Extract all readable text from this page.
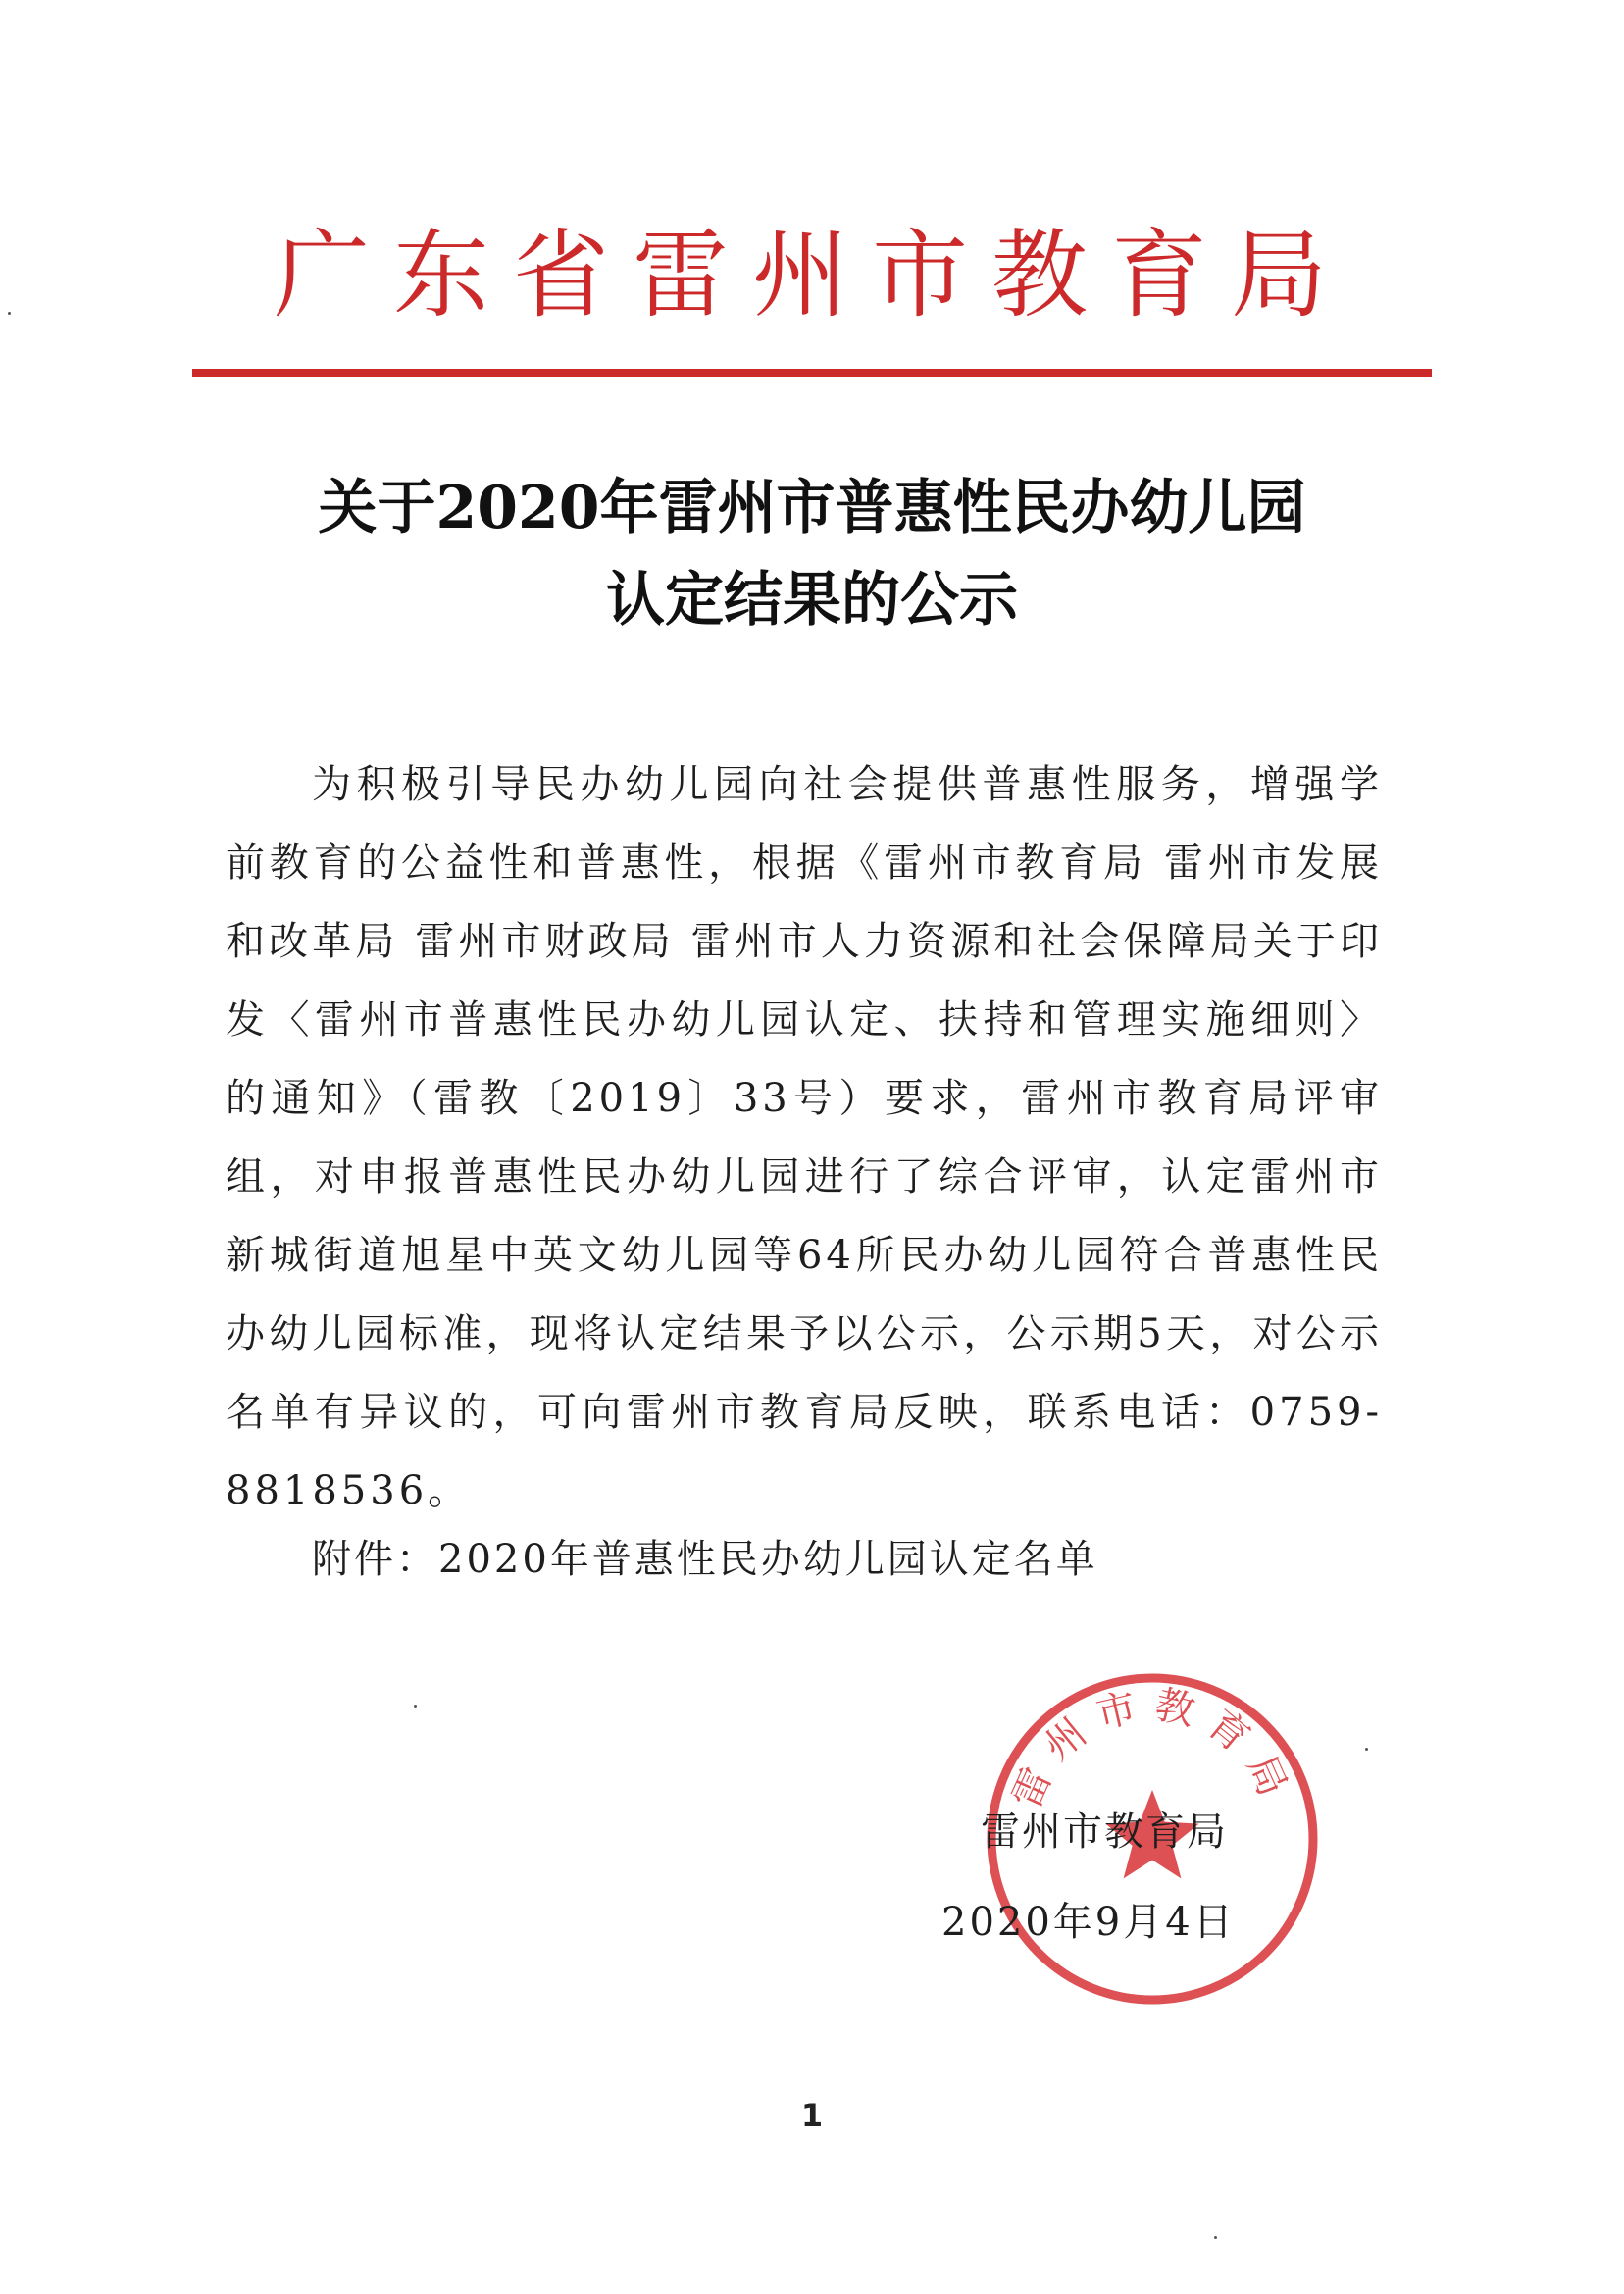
广东省雷州市教育局
关于2020年雷州市普惠性民办幼儿园
认定结果的公示

为积极引导民办幼儿园向社会提供普惠性服务，增强学前教育的公益性和普惠性，根据《雷州市教育局 雷州市发展和改革局 雷州市财政局 雷州市人力资源和社会保障局关于印发〈雷州市普惠性民办幼儿园认定、扶持和管理实施细则〉的通知》（雷教〔2019〕33号）要求，雷州市教育局评审组，对申报普惠性民办幼儿园进行了综合评审，认定雷州市新城街道旭星中英文幼儿园等64所民办幼儿园符合普惠性民办幼儿园标准，现将认定结果予以公示，公示期5天，对公示名单有异议的，可向雷州市教育局反映，联系电话：0759-8818536。

附件：2020年普惠性民办幼儿园认定名单
雷州市教育局
雷州市教育局
2020年9月4日
1
